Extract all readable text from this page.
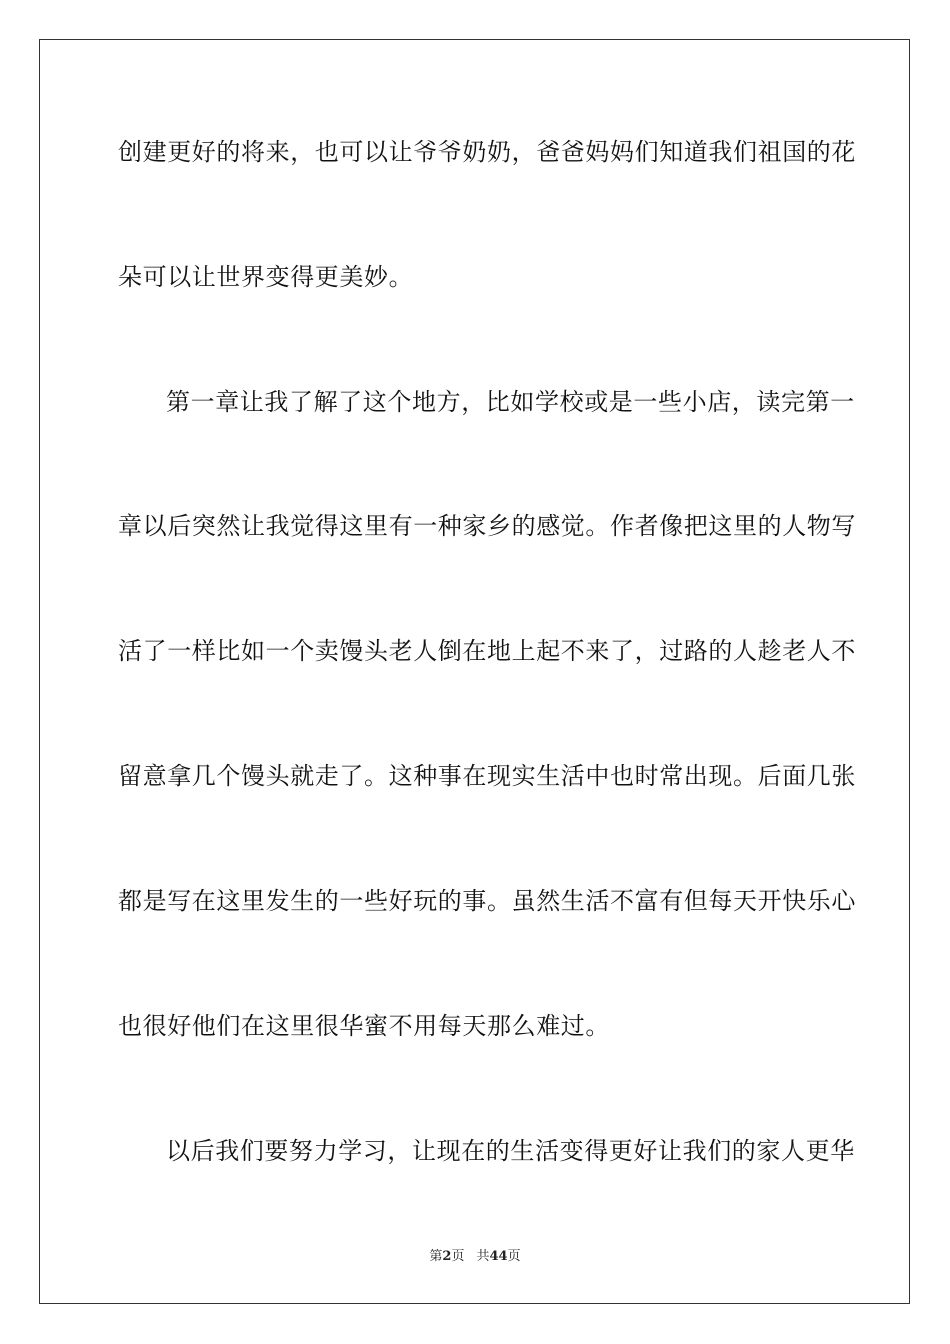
创建更好的将来，也可以让爷爷奶奶，爸爸妈妈们知道我们祖国的花
朵可以让世界变得更美妙。
第一章让我了解了这个地方，比如学校或是一些小店，读完第一
章以后突然让我觉得这里有一种家乡的感觉。作者像把这里的人物写
活了一样比如一个卖馒头老人倒在地上起不来了，过路的人趁老人不
留意拿几个馒头就走了。这种事在现实生活中也时常出现。后面几张
都是写在这里发生的一些好玩的事。虽然生活不富有但每天开快乐心
也很好他们在这里很华蜜不用每天那么难过。
以后我们要努力学习，让现在的生活变得更好让我们的家人更华
第2页 共44页
